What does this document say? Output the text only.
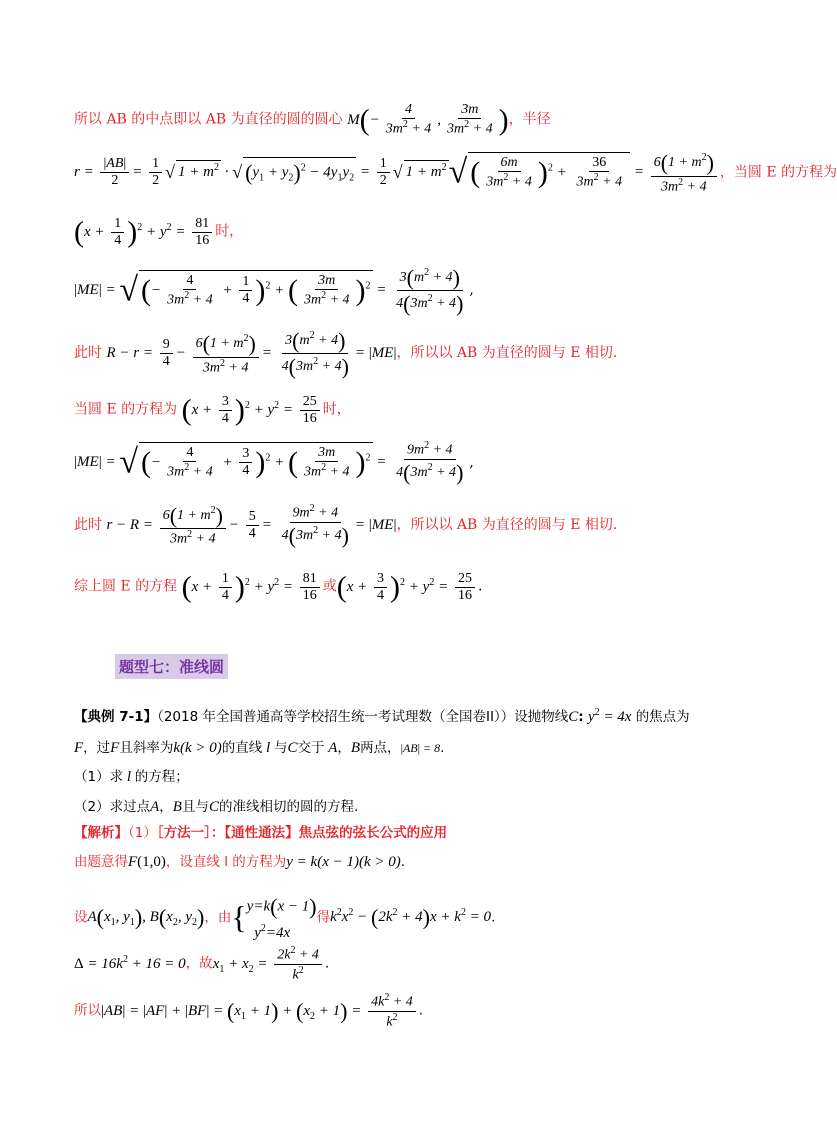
所以 AB 的中点即以 AB 为直径的圆的圆心 $M(- \frac{4}{3m^2 + 4}$ , $\frac{3m}{3m^2 + 4}$ )，半径
$r = \frac{|AB|}{2} = \frac{1}{2}$ √ $1 + m^2$ · √ $(y_1 + y_2)^2 - 4y_1y_2 = \frac{1}{2}$ √ $1 + m^2√$ ( $\frac{6m}{3m^2 + 4} )^2 + \frac{36}{3m^2 + 4} = \frac{6(1 + m^2)}{3m^2 + 4}$ ，当圆 E 的方程为
$(x + \frac{1}{4} )^2 + y^2 = \frac{81}{16}$ 时，
|ME| = √ (− $\frac{4}{3m^2 + 4} + \frac{1}{4} )^2$ + ( $\frac{3m}{3m^2 + 4} )^2 = \frac{3(m^2 + 4)}{4(3m^2 + 4)}$ ,
此时 $R - r = \frac{9}{4} - \frac{6(1 + m^2)}{3m^2 + 4} = \frac{3(m^2 + 4)}{4(3m^2 + 4)} = |ME|$，所以以 AB 为直径的圆与 E 相切.
当圆 E 的方程为 $(x + \frac{3}{4} )^2 + y^2 = \frac{25}{16}$ 时，
|ME| = √ (− $\frac{4}{3m^2 + 4} + \frac{3}{4} )^2$ + ( $\frac{3m}{3m^2 + 4} )^2 = \frac{9m^2 + 4}{4(3m^2 + 4)}$ ,
此时 $r - R = \frac{6(1 + m^2)}{3m^2 + 4} - \frac{5}{4} = \frac{9m^2 + 4}{4(3m^2 + 4)} = |ME|$，所以以 AB 为直径的圆与 E 相切.
综上圆 E 的方程 $(x + \frac{1}{4} )^2 + y^2 = \frac{81}{16}$ 或$(x + \frac{3}{4} )^2 + y^2 = \frac{25}{16}$ .
题型七：准线圆
【典例 7-1】（2018 年全国普通高等学校招生统一考试理数（全国卷II））设抛物线C: $y^2 = 4x$ 的焦点为
F，过F且斜率为k(k > 0)的直线 l 与C交于 A，B两点，|AB| = 8.
（1）求 l 的方程；
（2）求过点A，B且与C的准线相切的圆的方程.
【解析】（1）［方法一］：【通性通法】焦点弦的弦长公式的应用
由题意得F(1,0)，设直线 l 的方程为y = k(x − 1)(k > 0).
设$A(x_1$, $y_1$), $B(x_2$, $y_2$)，由{ y=k(x − 1)
$y^2=4x$
得$k^2x^2 - (2k^2 + 4)x + k^2 = 0$.
$\Delta = 16k^2 + 16 = 0$，故$x_1 + x_2 = \frac{2k^2 + 4}{k^2}$ .
所以$|AB| = |AF| + |BF| = (x_1 + 1) + (x_2 + 1) = \frac{4k^2 + 4}{k^2}$ .
